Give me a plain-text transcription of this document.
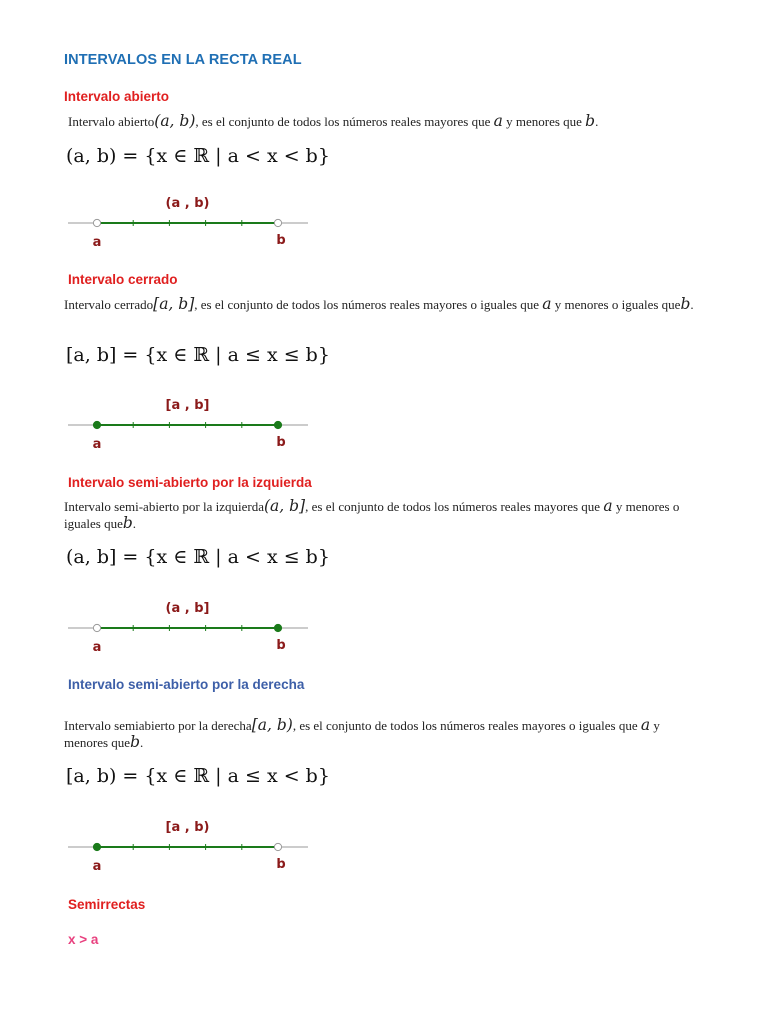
INTERVALOS EN LA RECTA REAL
Intervalo abierto
Intervalo abierto(a, b), es el conjunto de todos los números reales mayores que a y menores que b.
(a, b) = {x ∈ ℝ | a < x < b}
(a , b)
a	b
Intervalo cerrado
Intervalo cerrado[a, b], es el conjunto de todos los números reales mayores o iguales que a y menores o iguales queb.
[a, b] = {x ∈ ℝ | a ≤ x ≤ b}
[a , b]
a	b
Intervalo semi-abierto por la izquierda
Intervalo semi-abierto por la izquierda(a, b], es el conjunto de todos los números reales mayores que a y menores o iguales queb.
(a, b] = {x ∈ ℝ | a < x ≤ b}
(a , b]
a	b
Intervalo semi-abierto por la derecha
Intervalo semiabierto por la derecha[a, b), es el conjunto de todos los números reales mayores o iguales que a y menores queb.
[a, b) = {x ∈ ℝ | a ≤ x < b}
[a , b)
a	b
Semirrectas
x > a
